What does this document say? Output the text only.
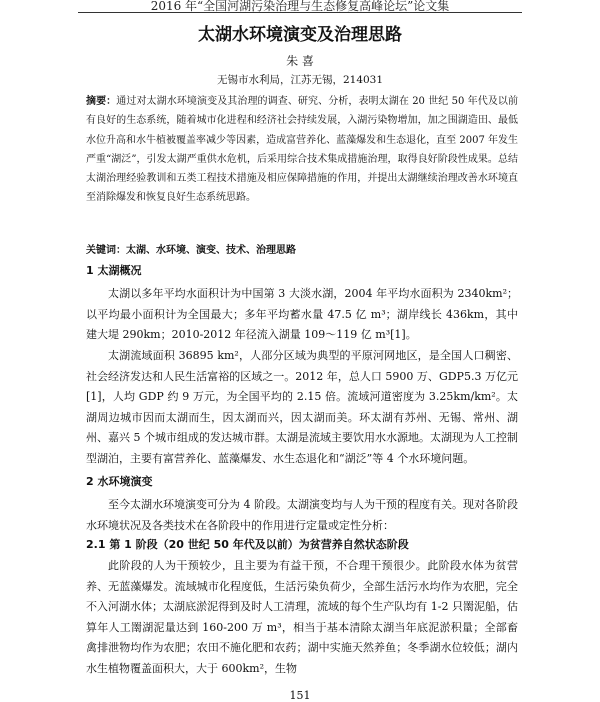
2016 年“全国河湖污染治理与生态修复高峰论坛”论文集
太湖水环境演变及治理思路
朱 喜
无锡市水利局，江苏无锡，214031
摘要：通过对太湖水环境演变及其治理的调查、研究、分析，表明太湖在 20 世纪 50 年代及以前有良好的生态系统，随着城市化进程和经济社会持续发展，入湖污染物增加，加之围湖造田、最低水位升高和水牛植被覆盖率减少等因素，造成富营养化、蓝藻爆发和生态退化，直至 2007 年发生严重“湖泛”，引发太湖严重供水危机，后采用综合技术集成措施治理，取得良好阶段性成果。总结太湖治理经验教训和五类工程技术措施及相应保障措施的作用，并提出太湖继续治理改善水环境直至消除爆发和恢复良好生态系统思路。
关键词：太湖、水环境、演变、技术、治理思路
1 太湖概况
太湖以多年平均水面积计为中国第 3 大淡水湖，2004 年平均水面积为 2340km²；以平均最小面积计为全国最大；多年平均蓄水量 47.5 亿 m³；湖岸线长 436km，其中建大堤 290km；2010-2012 年径流入湖量 109～119 亿 m³[1]。
太湖流域面积 36895 km²，人邵分区域为典型的平原河网地区，是全国人口稠密、社会经济发达和人民生活富裕的区域之一。2012 年，总人口 5900 万、GDP5.3 万亿元[1]，人均 GDP 约 9 万元，为全国平均的 2.15 倍。流域河道密度为 3.25km/km²。太湖周边城市因而太湖而生，因太湖而兴，因太湖而美。环太湖有苏州、无锡、常州、湖州、嘉兴 5 个城市组成的发达城市群。太湖是流域主要饮用水水源地。太湖现为人工控制型湖泊，主要有富营养化、蓝藻爆发、水生态退化和“湖泛”等 4 个水环境问题。
2 水环境演变
至今太湖水环境演变可分为 4 阶段。太湖演变均与人为干预的程度有关。现对各阶段水环境状况及各类技术在各阶段中的作用进行定量或定性分析：
2.1 第 1 阶段（20 世纪 50 年代及以前）为贫营养自然状态阶段
此阶段的人为干预较少，且主要为有益干预，不合理干预很少。此阶段水体为贫营养、无蓝藻爆发。流域城市化程度低，生活污染负荷少，全部生活污水均作为农肥，完全不入河湖水体；太湖底淤泥得到及时人工清理，流域的每个生产队均有 1-2 只罱泥船，估算年人工罱湖泥量达到 160-200 万 m³，相当于基本清除太湖当年底泥淤积量；全部畜禽排泄物均作为农肥；农田不施化肥和农药；湖中实施天然养鱼；冬季湖水位较低；湖内水生植物覆盖面积大，大于 600km²，生物
151
